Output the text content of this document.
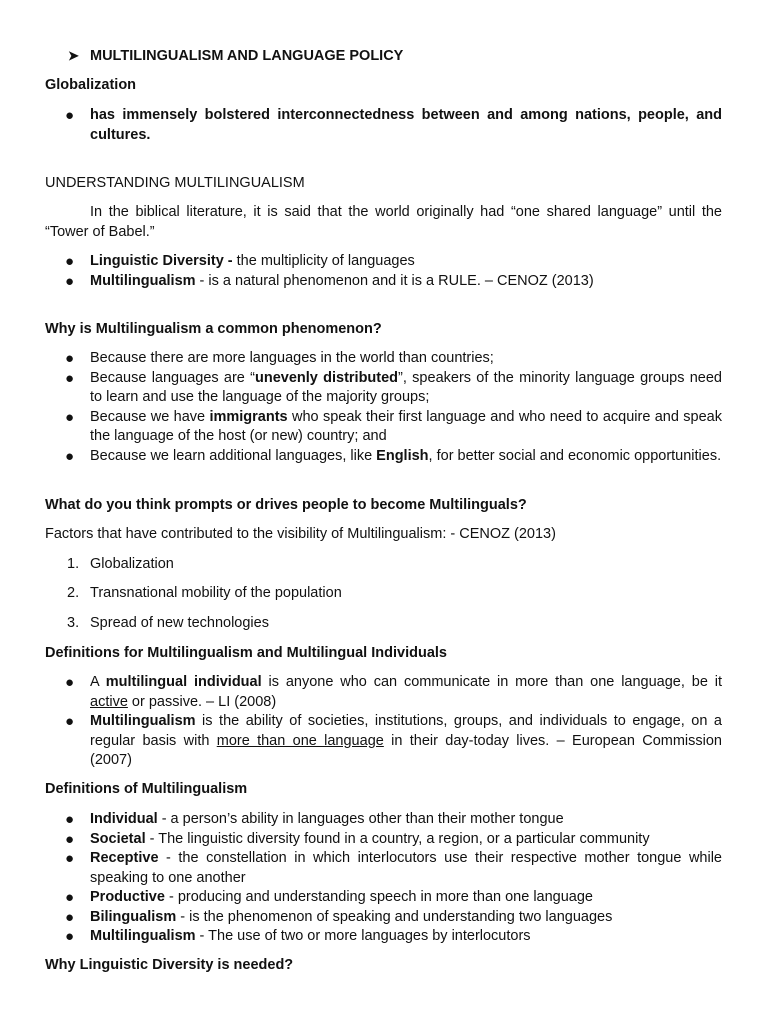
➤ MULTILINGUALISM AND LANGUAGE POLICY
Globalization
● has immensely bolstered interconnectedness between and among nations, people, and cultures.
UNDERSTANDING MULTILINGUALISM

In the biblical literature, it is said that the world originally had “one shared language” until the “Tower of Babel.”

● Linguistic Diversity - the multiplicity of languages
● Multilingualism - is a natural phenomenon and it is a RULE. – CENOZ (2013)
Why is Multilingualism a common phenomenon?
● Because there are more languages in the world than countries;
● Because languages are “unevenly distributed”, speakers of the minority language groups need to learn and use the language of the majority groups;
● Because we have immigrants who speak their first language and who need to acquire and speak the language of the host (or new) country; and
● Because we learn additional languages, like English, for better social and economic opportunities.
What do you think prompts or drives people to become Multilinguals?
Factors that have contributed to the visibility of Multilingualism: - CENOZ (2013)
1. Globalization
2. Transnational mobility of the population
3. Spread of new technologies
Definitions for Multilingualism and Multilingual Individuals
● A multilingual individual is anyone who can communicate in more than one language, be it active or passive. – LI (2008)
● Multilingualism is the ability of societies, institutions, groups, and individuals to engage, on a regular basis with more than one language in their day-today lives. – European Commission (2007)
Definitions of Multilingualism
● Individual - a person’s ability in languages other than their mother tongue
● Societal - The linguistic diversity found in a country, a region, or a particular community
● Receptive - the constellation in which interlocutors use their respective mother tongue while speaking to one another
● Productive - producing and understanding speech in more than one language
● Bilingualism - is the phenomenon of speaking and understanding two languages
● Multilingualism - The use of two or more languages by interlocutors
Why Linguistic Diversity is needed?
